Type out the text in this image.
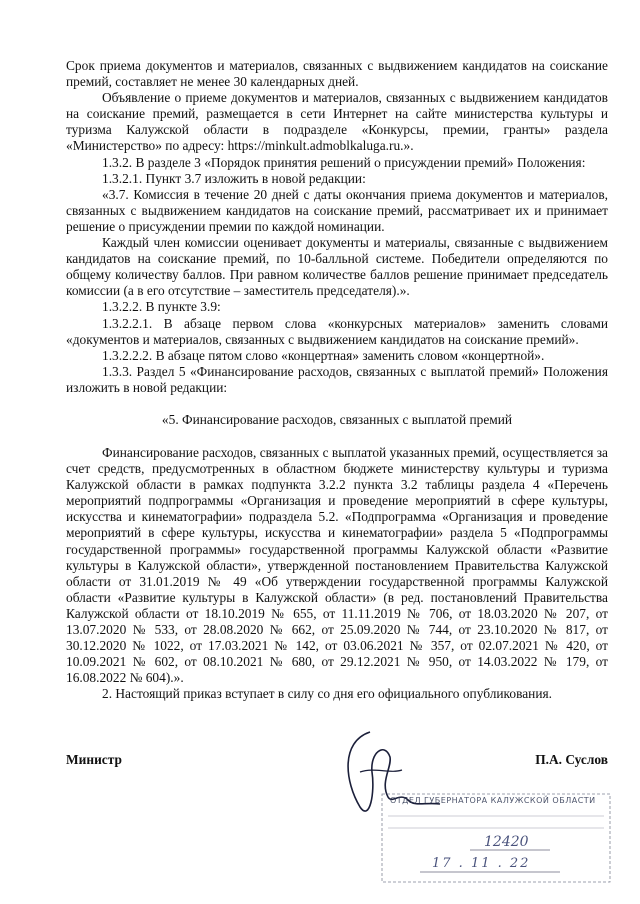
Срок приема документов и материалов, связанных с выдвижением кандидатов на соискание премий, составляет не менее 30 календарных дней.

Объявление о приеме документов и материалов, связанных с выдвижением кандидатов на соискание премий, размещается в сети Интернет на сайте министерства культуры и туризма Калужской области в подразделе «Конкурсы, премии, гранты» раздела «Министерство» по адресу: https://minkult.admoblkaluga.ru.».

1.3.2. В разделе 3 «Порядок принятия решений о присуждении премий» Положения:

1.3.2.1. Пункт 3.7 изложить в новой редакции:

«3.7. Комиссия в течение 20 дней с даты окончания приема документов и материалов, связанных с выдвижением кандидатов на соискание премий, рассматривает их и принимает решение о присуждении премии по каждой номинации.

Каждый член комиссии оценивает документы и материалы, связанные с выдвижением кандидатов на соискание премий, по 10-балльной системе. Победители определяются по общему количеству баллов. При равном количестве баллов решение принимает председатель комиссии (а в его отсутствие – заместитель председателя).».

1.3.2.2. В пункте 3.9:

1.3.2.2.1. В абзаце первом слова «конкурсных материалов» заменить словами «документов и материалов, связанных с выдвижением кандидатов на соискание премий».

1.3.2.2.2. В абзаце пятом слово «концертная» заменить словом «концертной».

1.3.3. Раздел 5 «Финансирование расходов, связанных с выплатой премий» Положения изложить в новой редакции:

«5. Финансирование расходов, связанных с выплатой премий

Финансирование расходов, связанных с выплатой указанных премий, осуществляется за счет средств, предусмотренных в областном бюджете министерству культуры и туризма Калужской области в рамках подпункта 3.2.2 пункта 3.2 таблицы раздела 4 «Перечень мероприятий подпрограммы «Организация и проведение мероприятий в сфере культуры, искусства и кинематографии» подраздела 5.2. «Подпрограмма «Организация и проведение мероприятий в сфере культуры, искусства и кинематографии» раздела 5 «Подпрограммы государственной программы» государственной программы Калужской области «Развитие культуры в Калужской области», утвержденной постановлением Правительства Калужской области от 31.01.2019 № 49 «Об утверждении государственной программы Калужской области «Развитие культуры в Калужской области» (в ред. постановлений Правительства Калужской области от 18.10.2019 № 655, от 11.11.2019 № 706, от 18.03.2020 № 207, от 13.07.2020 № 533, от 28.08.2020 № 662, от 25.09.2020 № 744, от 23.10.2020 № 817, от 30.12.2020 № 1022, от 17.03.2021 № 142, от 03.06.2021 № 357, от 02.07.2021 № 420, от 10.09.2021 № 602, от 08.10.2021 № 680, от 29.12.2021 № 950, от 14.03.2022 № 179, от 16.08.2022 № 604).».

2. Настоящий приказ вступает в силу со дня его официального опубликования.

Министр	П.А. Суслов
ОТДЕЛ ГУБЕРНАТОРА КАЛУЖСКОЙ ОБЛАСТИ
12420
17 . 11 . 22
